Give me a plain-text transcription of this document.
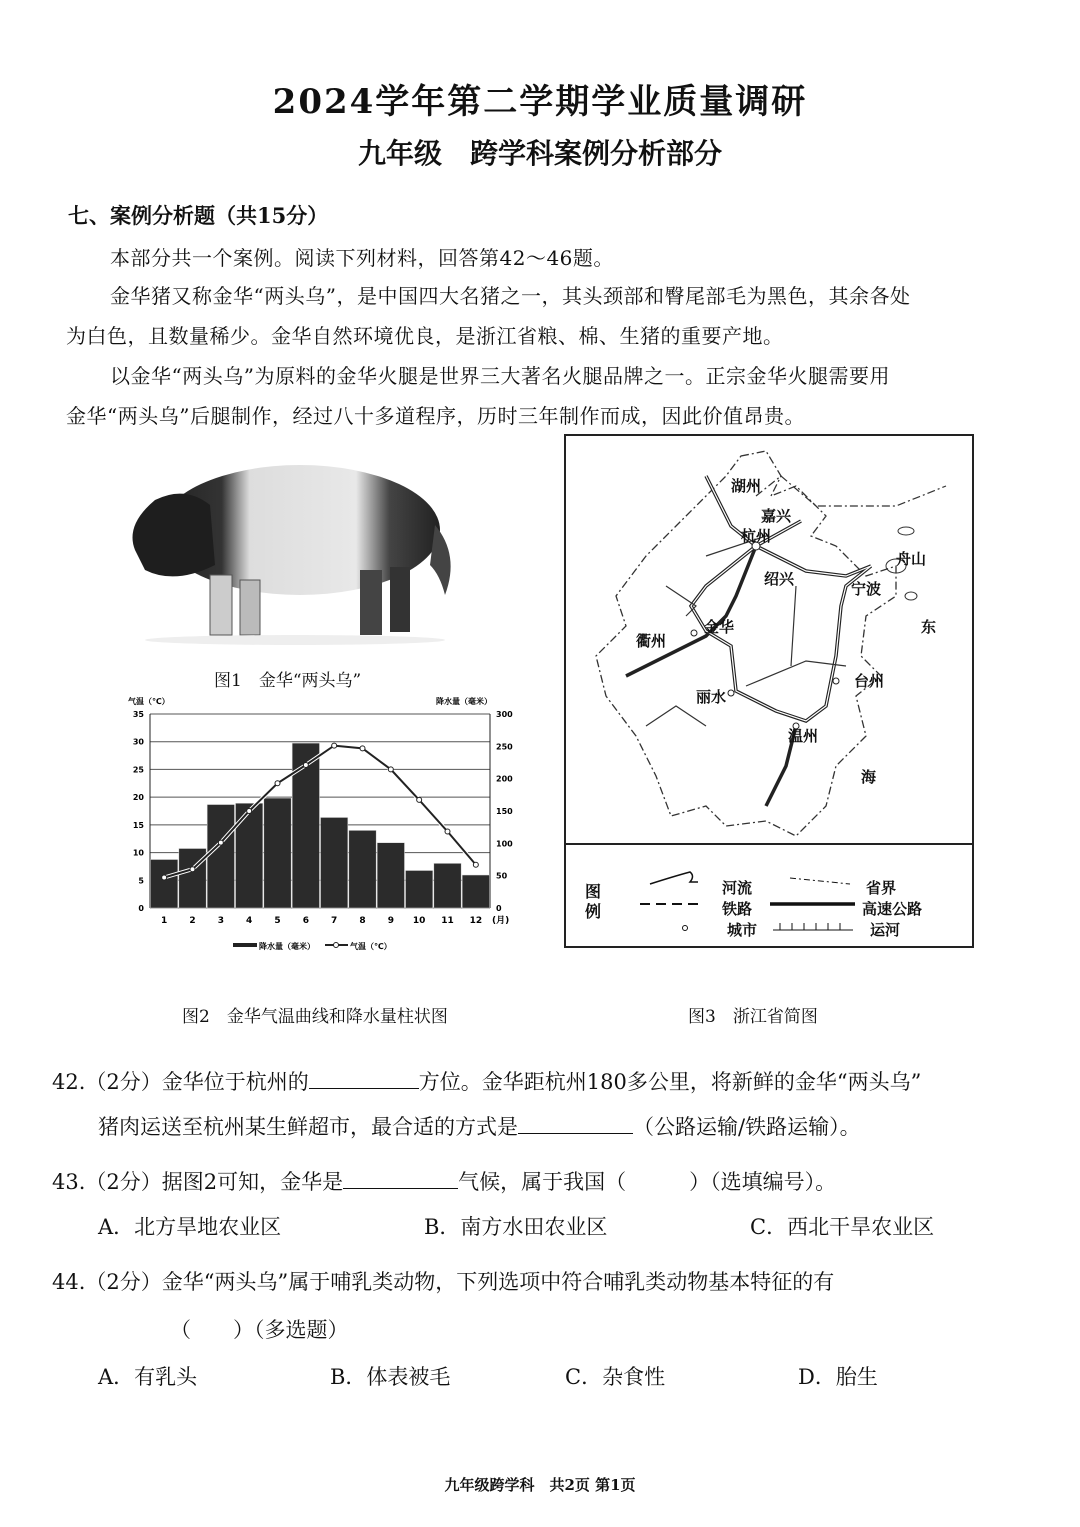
2024学年第二学期学业质量调研
九年级　跨学科案例分析部分
七、案例分析题（共15分）
本部分共一个案例。阅读下列材料，回答第42～46题。
金华猪又称金华“两头乌”，是中国四大名猪之一，其头颈部和臀尾部毛为黑色，其余各处
为白色，且数量稀少。金华自然环境优良，是浙江省粮、棉、生猪的重要产地。
以金华“两头乌”为原料的金华火腿是世界三大著名火腿品牌之一。正宗金华火腿需要用
金华“两头乌”后腿制作，经过八十多道程序，历时三年制作而成，因此价值昂贵。
图1　金华“两头乌”
0
5
10
15
20
25
30
35
0
50
100
150
200
250
300
气温（℃）	降水量（毫米）
1 2 3 4 5 6 7 8 9 10 11 12 (月)
降水量（毫米）	气温（℃）
图2　金华气温曲线和降水量柱状图
湖州
嘉兴
杭州
绍兴
舟山
宁波
衢州
金华
丽水
台州
温州
东
海
图例
河流
铁路
城市
省界
高速公路
运河
图3　浙江省简图
42.（2分）金华位于杭州的	方位。金华距杭州180多公里，将新鲜的金华“两头乌”
猪肉运送至杭州某生鲜超市，最合适的方式是	（公路运输/铁路运输）。
43.（2分）据图2可知，金华是	气候，属于我国（　　　）（选填编号）。
A．北方旱地农业区	B．南方水田农业区	C．西北干旱农业区
44.（2分）金华“两头乌”属于哺乳类动物，下列选项中符合哺乳类动物基本特征的有
（　　）（多选题）
A．有乳头	B．体表被毛	C．杂食性	D．胎生
九年级跨学科　共2页 第1页
